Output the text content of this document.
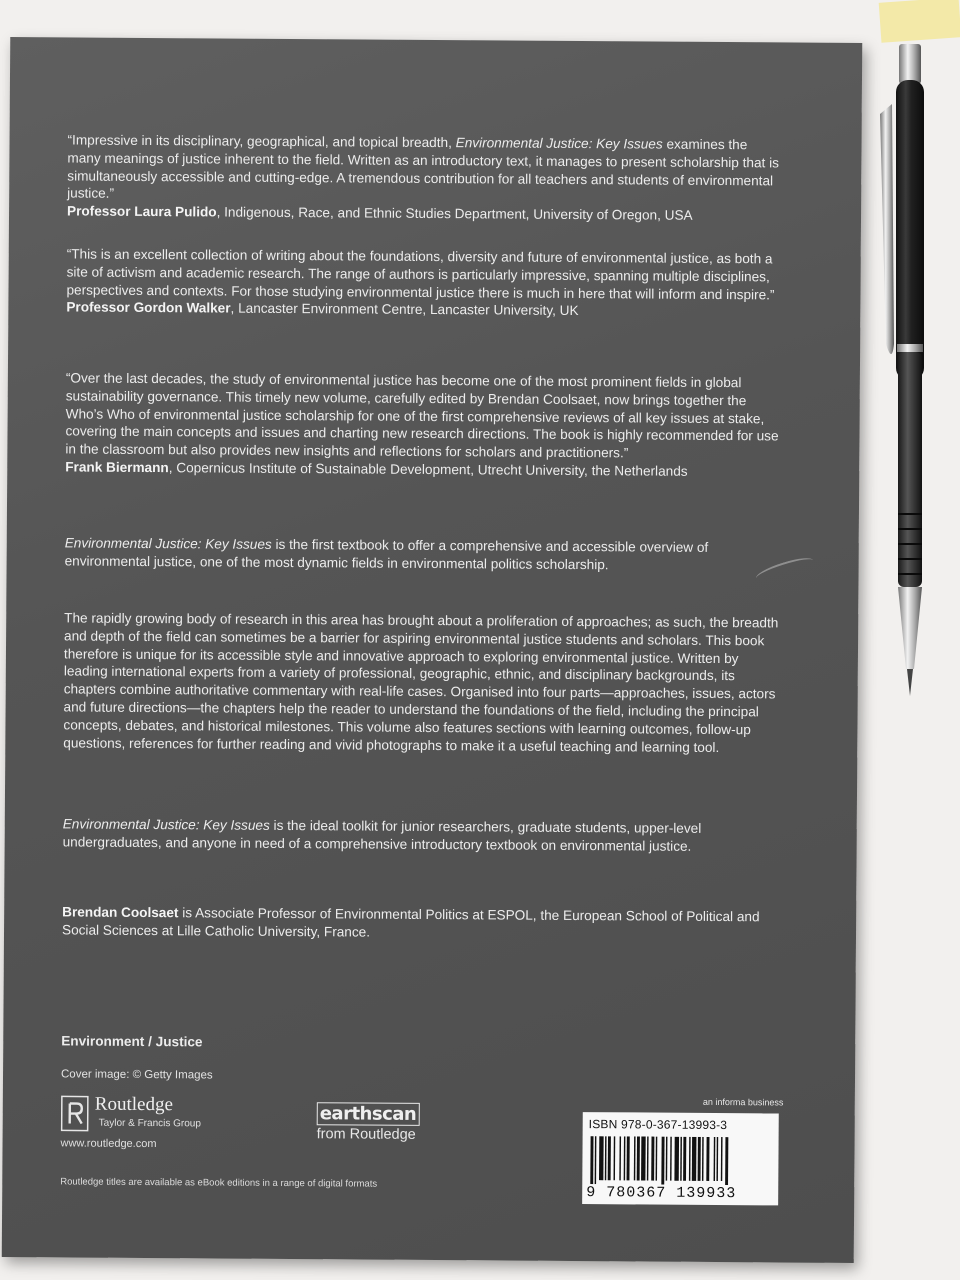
“Impressive in its disciplinary, geographical, and topical breadth, Environmental Justice: Key Issues examines the many meanings of justice inherent to the field. Written as an introductory text, it manages to present scholarship that is simultaneously accessible and cutting-edge. A tremendous contribution for all teachers and students of environmental justice.”
Professor Laura Pulido, Indigenous, Race, and Ethnic Studies Department, University of Oregon, USA
“This is an excellent collection of writing about the foundations, diversity and future of environmental justice, as both a site of activism and academic research. The range of authors is particularly impressive, spanning multiple disciplines, perspectives and contexts. For those studying environmental justice there is much in here that will inform and inspire.”
Professor Gordon Walker, Lancaster Environment Centre, Lancaster University, UK
“Over the last decades, the study of environmental justice has become one of the most prominent fields in global sustainability governance. This timely new volume, carefully edited by Brendan Coolsaet, now brings together the Who’s Who of environmental justice scholarship for one of the first comprehensive reviews of all key issues at stake, covering the main concepts and issues and charting new research directions. The book is highly recommended for use in the classroom but also provides new insights and reflections for scholars and practitioners.”
Frank Biermann, Copernicus Institute of Sustainable Development, Utrecht University, the Netherlands
Environmental Justice: Key Issues is the first textbook to offer a comprehensive and accessible overview of environmental justice, one of the most dynamic fields in environmental politics scholarship.
The rapidly growing body of research in this area has brought about a proliferation of approaches; as such, the breadth and depth of the field can sometimes be a barrier for aspiring environmental justice students and scholars. This book therefore is unique for its accessible style and innovative approach to exploring environmental justice. Written by leading international experts from a variety of professional, geographic, ethnic, and disciplinary backgrounds, its chapters combine authoritative commentary with real-life cases. Organised into four parts—approaches, issues, actors and future directions—the chapters help the reader to understand the foundations of the field, including the principal concepts, debates, and historical milestones. This volume also features sections with learning outcomes, follow-up questions, references for further reading and vivid photographs to make it a useful teaching and learning tool.
Environmental Justice: Key Issues is the ideal toolkit for junior researchers, graduate students, upper-level undergraduates, and anyone in need of a comprehensive introductory textbook on environmental justice.
Brendan Coolsaet is Associate Professor of Environmental Politics at ESPOL, the European School of Political and Social Sciences at Lille Catholic University, France.
Environment / Justice
Cover image: © Getty Images
Routledge
Taylor & Francis Group
www.routledge.com
earthscan
from Routledge
Routledge titles are available as eBook editions in a range of digital formats
an informa business
ISBN 978-0-367-13993-3
9 780367 139933
